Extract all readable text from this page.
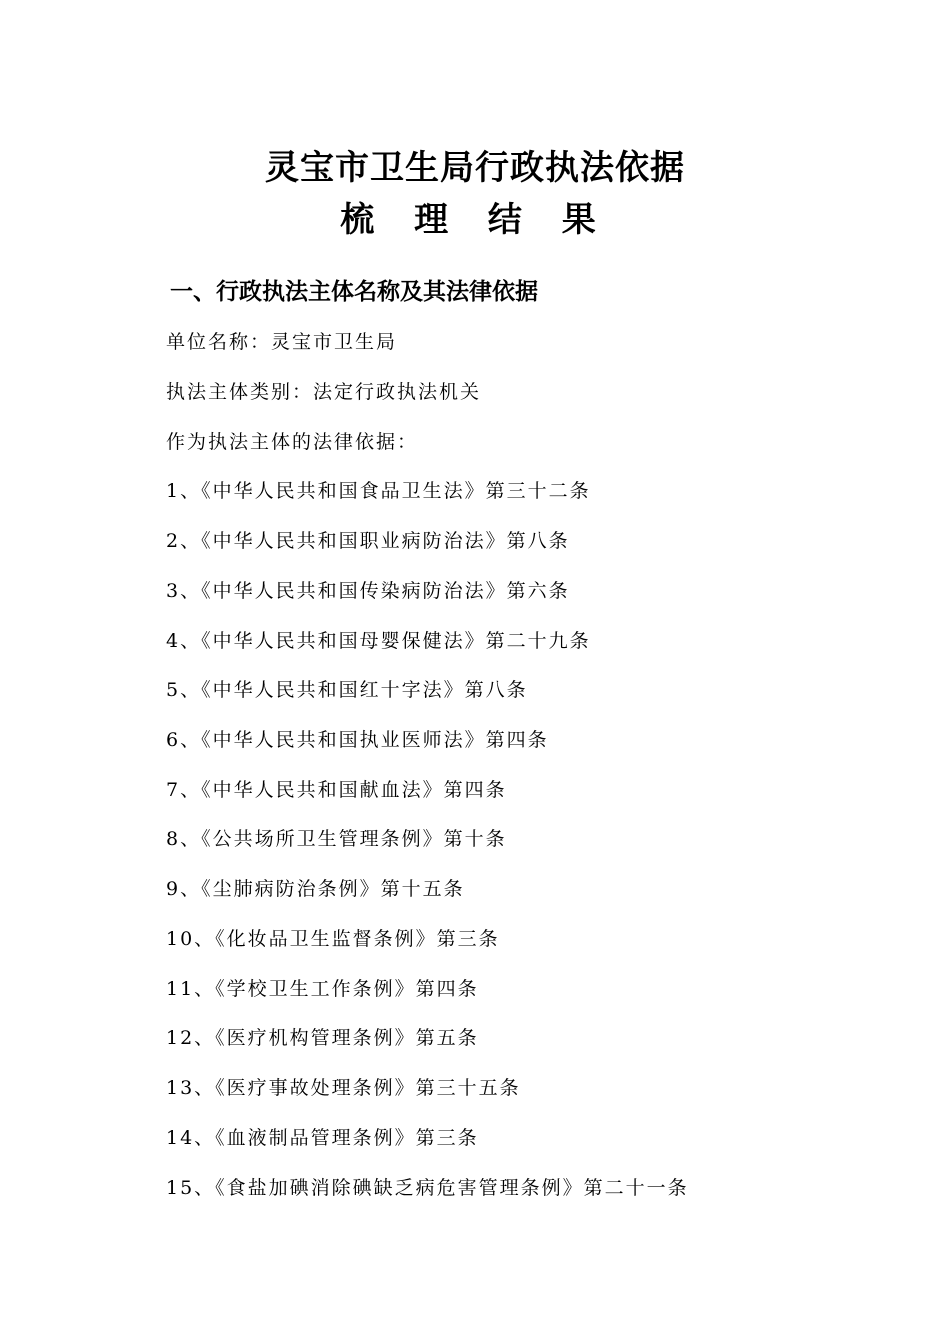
灵宝市卫生局行政执法依据
梳 理 结 果
一、行政执法主体名称及其法律依据
单位名称：灵宝市卫生局
执法主体类别：法定行政执法机关
作为执法主体的法律依据：
1、《中华人民共和国食品卫生法》第三十二条
2、《中华人民共和国职业病防治法》第八条
3、《中华人民共和国传染病防治法》第六条
4、《中华人民共和国母婴保健法》第二十九条
5、《中华人民共和国红十字法》第八条
6、《中华人民共和国执业医师法》第四条
7、《中华人民共和国献血法》第四条
8、《公共场所卫生管理条例》第十条
9、《尘肺病防治条例》第十五条
10、《化妆品卫生监督条例》第三条
11、《学校卫生工作条例》第四条
12、《医疗机构管理条例》第五条
13、《医疗事故处理条例》第三十五条
14、《血液制品管理条例》第三条
15、《食盐加碘消除碘缺乏病危害管理条例》第二十一条
